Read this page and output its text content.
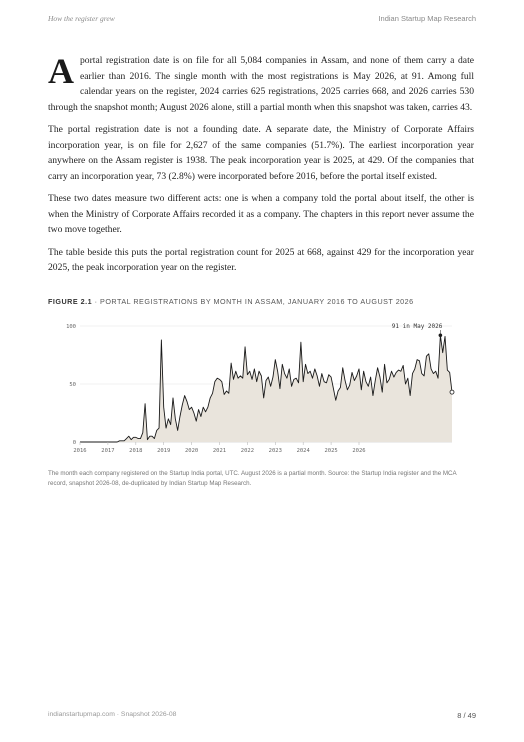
How the register grew	Indian Startup Map Research

Aportal registration date is on file for all 5,084 companies in Assam, and none of them carry a date earlier than 2016. The single month with the most registrations is May 2026, at 91. Among full calendar years on the register, 2024 carries 625 registrations, 2025 carries 668, and 2026 carries 530 through the snapshot month; August 2026 alone, still a partial month when this snapshot was taken, carries 43.

The portal registration date is not a founding date. A separate date, the Ministry of Corporate Affairs incorporation year, is on file for 2,627 of the same companies (51.7%). The earliest incorporation year anywhere on the Assam register is 1938. The peak incorporation year is 2025, at 429. Of the companies that carry an incorporation year, 73 (2.8%) were incorporated before 2016, before the portal itself existed.

These two dates measure two different acts: one is when a company told the portal about itself, the other is when the Ministry of Corporate Affairs recorded it as a company. The chapters in this report never assume the two move together.

The table beside this puts the portal registration count for 2025 at 668, against 429 for the incorporation year 2025, the peak incorporation year on the register.

FIGURE 2.1 · PORTAL REGISTRATIONS BY MONTH IN ASSAM, JANUARY 2016 TO AUGUST 2026
0
50
100
2016	2017	2018	2019	2020	2021	2022	2023	2024	2025	2026
91 in May 2026
The month each company registered on the Startup India portal, UTC. August 2026 is a partial month. Source: the Startup India register and the MCA record, snapshot 2026-08, de-duplicated by Indian Startup Map Research.
indianstartupmap.com · Snapshot 2026-08	8 / 49
